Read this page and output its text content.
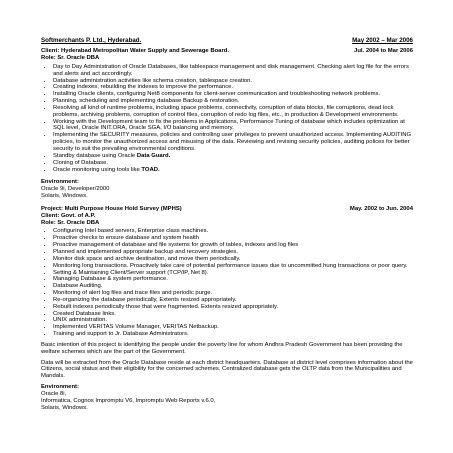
Softmerchants P. Ltd., Hyderabad.	May 2002 – Mar 2006
Client: Hyderabad Metropolitan Water Supply and Sewerage Board.	Jul. 2004 to Mar 2006
Role: Sr. Oracle DBA
• Day to Day Administration of Oracle Databases, like tablespace management and disk management. Checking alert log file for the errors and alerts and act accordingly.
• Database administration activities like schema creation, tablespace creation.
• Creating indexes, rebuilding the indexes to improve the performance.
• Installing Oracle clients, configuring Net8 components for client-server communication and troubleshooting network problems.
• Planning, scheduling and implementing database Backup & restoration.
• Resolving all kind of runtime problems, including space problems, connectivity, corruption of data blocks, file corruptions, dead lock problems, archiving problems, corruption of control files, corruption of redo log files, etc., in production & Development environments.
• Working with the Development team to fix the problems in Applications, Performance Tuning of database which includes optimization at SQL level, Oracle INIT.ORA, Oracle SGA, I/O balancing and memory.
• Implementing the SECURITY measures, policies and controlling user privileges to prevent unauthorized access. Implementing AUDITING policies, to monitor the unauthorized access and misusing of the data. Reviewing and revising security policies, auditing polices for better security to suit the prevailing environmental conditions.
• Standby database using Oracle Data Guard.
• Cloning of Database.
• Oracle monitoring using tools like TOAD.
Environment:
Oracle 9i, Developer/2000
Solaris, Windows.
Project: Multi Purpose House Hold Survey (MPHS)	May. 2002 to Jun. 2004
Client: Govt. of A.P.
Role: Sr. Oracle DBA
• Configuring Intel based servers, Enterprise class machines.
• Proactive checks to ensure database and system health
• Proactive management of database and file systems for growth of tables, indexes and log files
• Planned and implemented appropriate backup and recovery strategies.
• Monitor disk space and archive destination, and move them periodically.
• Monitoring long transactions. Proactively take care of potential performance issues due to uncommitted hung transactions or poor query.
• Setting & Maintaining Client/Server support (TCP/IP, Net 8).
• Managing Database & system performance.
• Database Auditing.
• Monitoring of alert log files and trace files and periodic purge.
• Re-organizing the database periodically, Extents resized appropriately.
• Rebuilt indexes periodically those that were fragmented. Extents resized appropriately.
• Created Database links.
• UNIX administration.
• Implemented VERITAS Volume Manager, VERITAS Netbackup.
• Training and support to Jr. Database Administrators.

Basic intention of this project is identifying the people under the poverty line for whom Andhra Pradesh Government has been providing the welfare schemes which are the part of the Government.

Data will be extracted from the Oracle Database reside at each district headquarters. Database at district level comprises information about the Citizens, social status and their eligibility for the concerned schemes. Centralized database gets the OLTP data from the Municipalities and Mandals.

Environment:
Oracle 8i,
Informatica, Cognos Impromptu V6, Impromptu Web Reports v.6.0,
Solaris, Windows.
